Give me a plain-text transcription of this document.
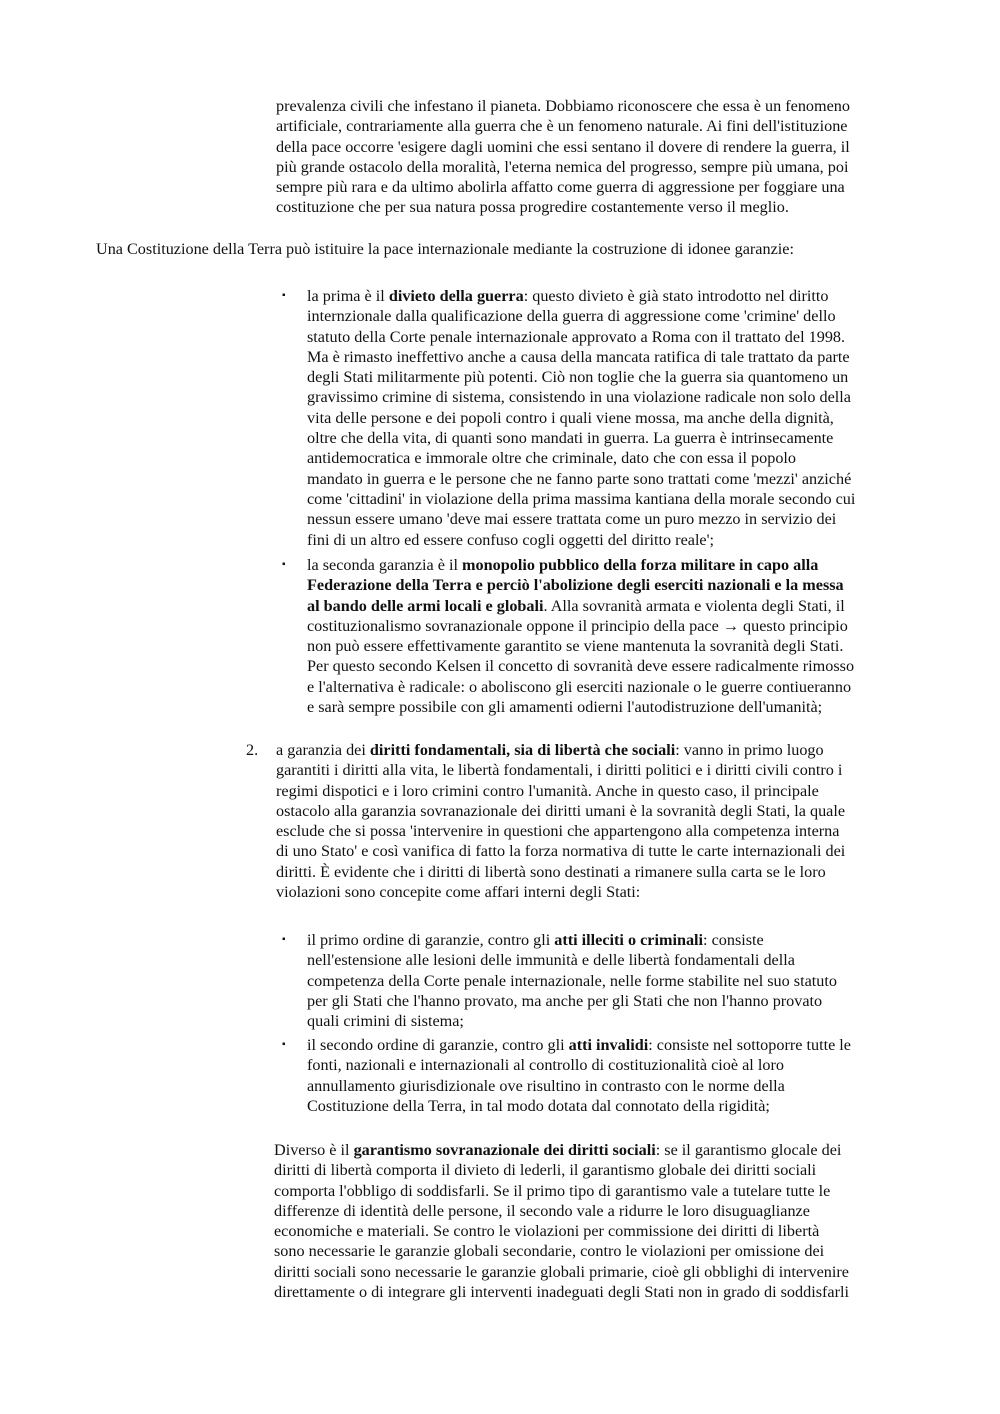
prevalenza civili che infestano il pianeta. Dobbiamo riconoscere che essa è un fenomeno

artificiale, contrariamente alla guerra che è un fenomeno naturale. Ai fini dell'istituzione

della pace occorre 'esigere dagli uomini che essi sentano il dovere di rendere la guerra, il

più grande ostacolo della moralità, l'eterna nemica del progresso, sempre più umana, poi

sempre più rara e da ultimo abolirla affatto come guerra di aggressione per foggiare una

costituzione che per sua natura possa progredire costantemente verso il meglio.

Una Costituzione della Terra può istituire la pace internazionale mediante la costruzione di idonee garanzie:

▪ la prima è il divieto della guerra: questo divieto è già stato introdotto nel diritto

internzionale dalla qualificazione della guerra di aggressione come 'crimine' dello

statuto della Corte penale internazionale approvato a Roma con il trattato del 1998.

Ma è rimasto ineffettivo anche a causa della mancata ratifica di tale trattato da parte

degli Stati militarmente più potenti. Ciò non toglie che la guerra sia quantomeno un

gravissimo crimine di sistema, consistendo in una violazione radicale non solo della

vita delle persone e dei popoli contro i quali viene mossa, ma anche della dignità,

oltre che della vita, di quanti sono mandati in guerra. La guerra è intrinsecamente

antidemocratica e immorale oltre che criminale, dato che con essa il popolo

mandato in guerra e le persone che ne fanno parte sono trattati come 'mezzi' anziché

come 'cittadini' in violazione della prima massima kantiana della morale secondo cui

nessun essere umano 'deve mai essere trattata come un puro mezzo in servizio dei

fini di un altro ed essere confuso cogli oggetti del diritto reale';

▪ la seconda garanzia è il monopolio pubblico della forza militare in capo alla

Federazione della Terra e perciò l'abolizione degli eserciti nazionali e la messa

al bando delle armi locali e globali. Alla sovranità armata e violenta degli Stati, il

costituzionalismo sovranazionale oppone il principio della pace → questo principio

non può essere effettivamente garantito se viene mantenuta la sovranità degli Stati.

Per questo secondo Kelsen il concetto di sovranità deve essere radicalmente rimosso

e l'alternativa è radicale: o aboliscono gli eserciti nazionale o le guerre contiueranno

e sarà sempre possibile con gli amamenti odierni l'autodistruzione dell'umanità;

2. a garanzia dei diritti fondamentali, sia di libertà che sociali: vanno in primo luogo

garantiti i diritti alla vita, le libertà fondamentali, i diritti politici e i diritti civili contro i

regimi dispotici e i loro crimini contro l'umanità. Anche in questo caso, il principale

ostacolo alla garanzia sovranazionale dei diritti umani è la sovranità degli Stati, la quale

esclude che si possa 'intervenire in questioni che appartengono alla competenza interna

di uno Stato' e così vanifica di fatto la forza normativa di tutte le carte internazionali dei

diritti. È evidente che i diritti di libertà sono destinati a rimanere sulla carta se le loro

violazioni sono concepite come affari interni degli Stati:

▪ il primo ordine di garanzie, contro gli atti illeciti o criminali: consiste

nell'estensione alle lesioni delle immunità e delle libertà fondamentali della

competenza della Corte penale internazionale, nelle forme stabilite nel suo statuto

per gli Stati che l'hanno provato, ma anche per gli Stati che non l'hanno provato

quali crimini di sistema;

▪ il secondo ordine di garanzie, contro gli atti invalidi: consiste nel sottoporre tutte le

fonti, nazionali e internazionali al controllo di costituzionalità cioè al loro

annullamento giurisdizionale ove risultino in contrasto con le norme della

Costituzione della Terra, in tal modo dotata dal connotato della rigidità;

Diverso è il garantismo sovranazionale dei diritti sociali: se il garantismo glocale dei

diritti di libertà comporta il divieto di lederli, il garantismo globale dei diritti sociali

comporta l'obbligo di soddisfarli. Se il primo tipo di garantismo vale a tutelare tutte le

differenze di identità delle persone, il secondo vale a ridurre le loro disuguaglianze

economiche e materiali. Se contro le violazioni per commissione dei diritti di libertà

sono necessarie le garanzie globali secondarie, contro le violazioni per omissione dei

diritti sociali sono necessarie le garanzie globali primarie, cioè gli obblighi di intervenire

direttamente o di integrare gli interventi inadeguati degli Stati non in grado di soddisfarli
